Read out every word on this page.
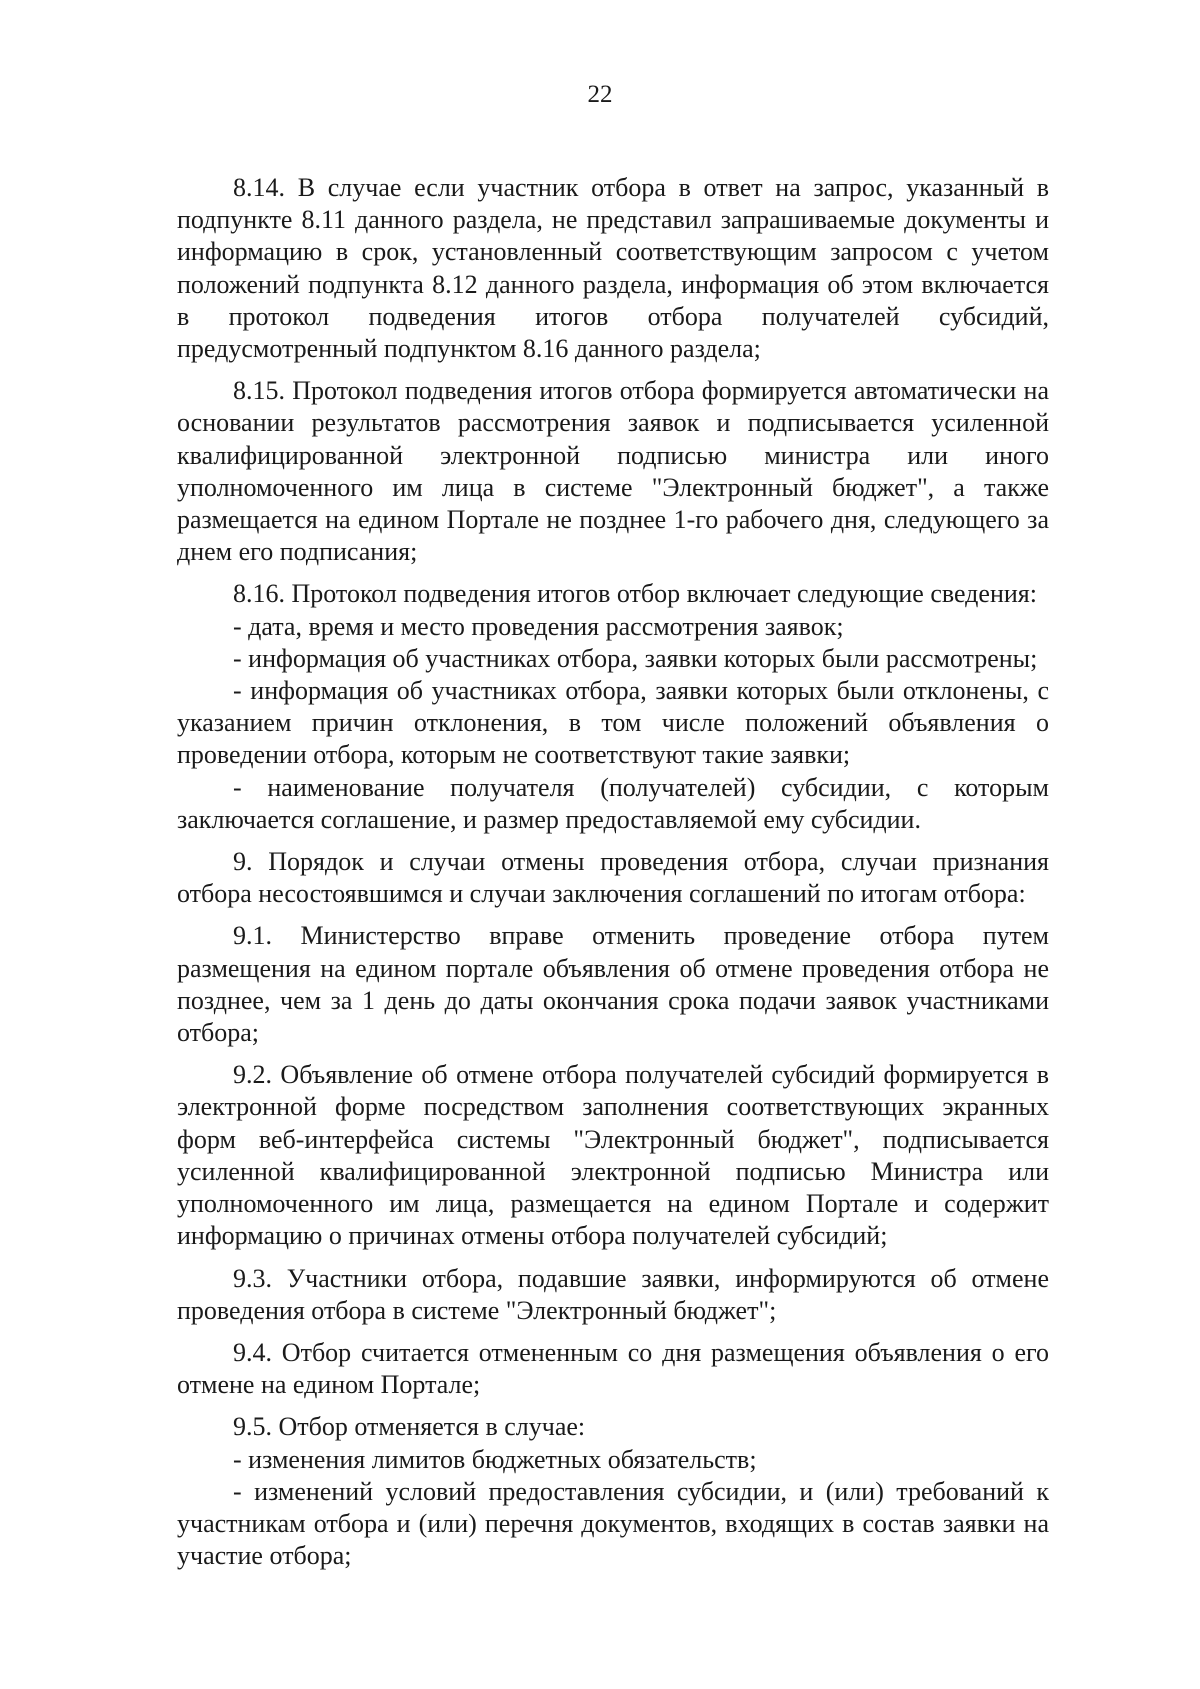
22

8.14. В случае если участник отбора в ответ на запрос, указанный в подпункте 8.11 данного раздела, не представил запрашиваемые документы и информацию в срок, установленный соответствующим запросом с учетом положений подпункта 8.12 данного раздела, информация об этом включается в протокол подведения итогов отбора получателей субсидий, предусмотренный подпунктом 8.16 данного раздела;

8.15. Протокол подведения итогов отбора формируется автоматически на основании результатов рассмотрения заявок и подписывается усиленной квалифицированной электронной подписью министра или иного уполномоченного им лица в системе "Электронный бюджет", а также размещается на едином Портале не позднее 1-го рабочего дня, следующего за днем его подписания;

8.16. Протокол подведения итогов отбор включает следующие сведения:

- дата, время и место проведения рассмотрения заявок;

- информация об участниках отбора, заявки которых были рассмотрены;

- информация об участниках отбора, заявки которых были отклонены, с указанием причин отклонения, в том числе положений объявления о проведении отбора, которым не соответствуют такие заявки;

- наименование получателя (получателей) субсидии, с которым заключается соглашение, и размер предоставляемой ему субсидии.

9. Порядок и случаи отмены проведения отбора, случаи признания отбора несостоявшимся и случаи заключения соглашений по итогам отбора:

9.1. Министерство вправе отменить проведение отбора путем размещения на едином портале объявления об отмене проведения отбора не позднее, чем за 1 день до даты окончания срока подачи заявок участниками отбора;

9.2. Объявление об отмене отбора получателей субсидий формируется в электронной форме посредством заполнения соответствующих экранных форм веб-интерфейса системы "Электронный бюджет", подписывается усиленной квалифицированной электронной подписью Министра или уполномоченного им лица, размещается на едином Портале и содержит информацию о причинах отмены отбора получателей субсидий;

9.3. Участники отбора, подавшие заявки, информируются об отмене проведения отбора в системе "Электронный бюджет";

9.4. Отбор считается отмененным со дня размещения объявления о его отмене на едином Портале;

9.5. Отбор отменяется в случае:

- изменения лимитов бюджетных обязательств;

- изменений условий предоставления субсидии, и (или) требований к участникам отбора и (или) перечня документов, входящих в состав заявки на участие отбора;
